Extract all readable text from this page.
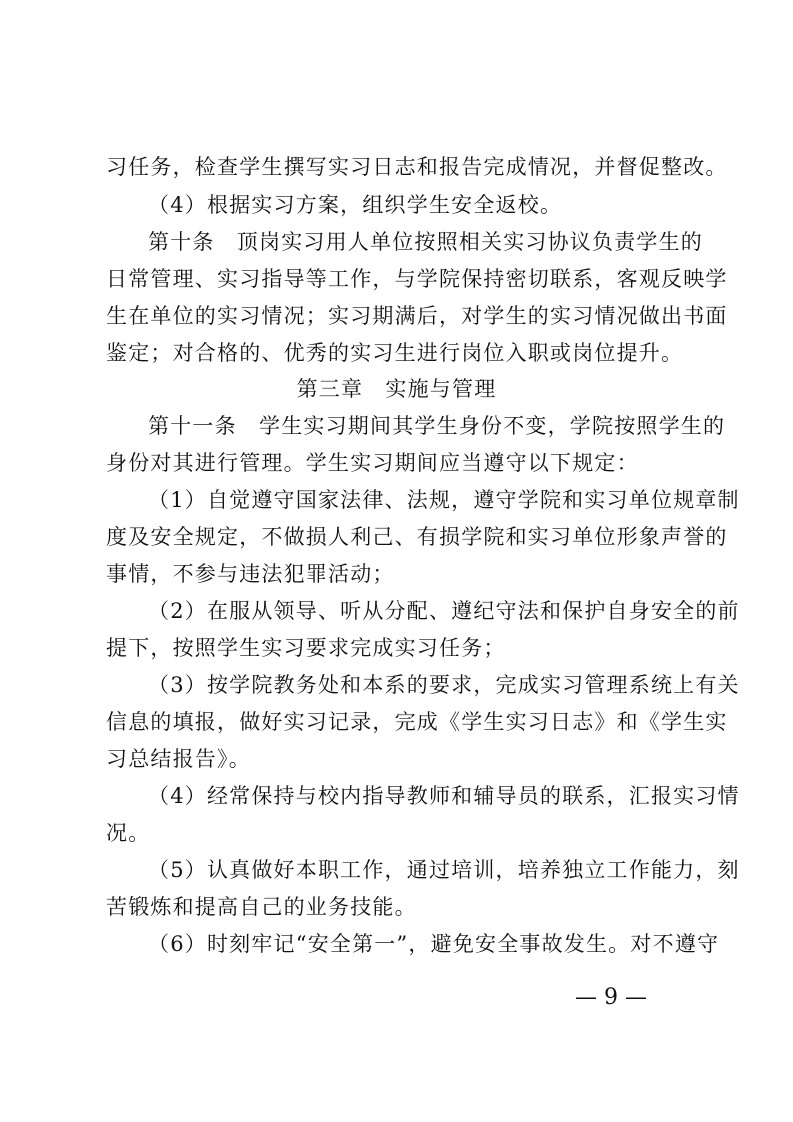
习任务，检查学生撰写实习日志和报告完成情况，并督促整改。
（4）根据实习方案，组织学生安全返校。
第十条　顶岗实习用人单位按照相关实习协议负责学生的
日常管理、实习指导等工作，与学院保持密切联系，客观反映学
生在单位的实习情况；实习期满后，对学生的实习情况做出书面
鉴定；对合格的、优秀的实习生进行岗位入职或岗位提升。
第三章　实施与管理
第十一条　学生实习期间其学生身份不变，学院按照学生的
身份对其进行管理。学生实习期间应当遵守以下规定：
（1）自觉遵守国家法律、法规，遵守学院和实习单位规章制
度及安全规定，不做损人利己、有损学院和实习单位形象声誉的
事情，不参与违法犯罪活动；
（2）在服从领导、听从分配、遵纪守法和保护自身安全的前
提下，按照学生实习要求完成实习任务；
（3）按学院教务处和本系的要求，完成实习管理系统上有关
信息的填报，做好实习记录，完成《学生实习日志》和《学生实
习总结报告》。
（4）经常保持与校内指导教师和辅导员的联系，汇报实习情
况。
（5）认真做好本职工作，通过培训，培养独立工作能力，刻
苦锻炼和提高自己的业务技能。
（6）时刻牢记“安全第一”，避免安全事故发生。对不遵守
— 9 —
